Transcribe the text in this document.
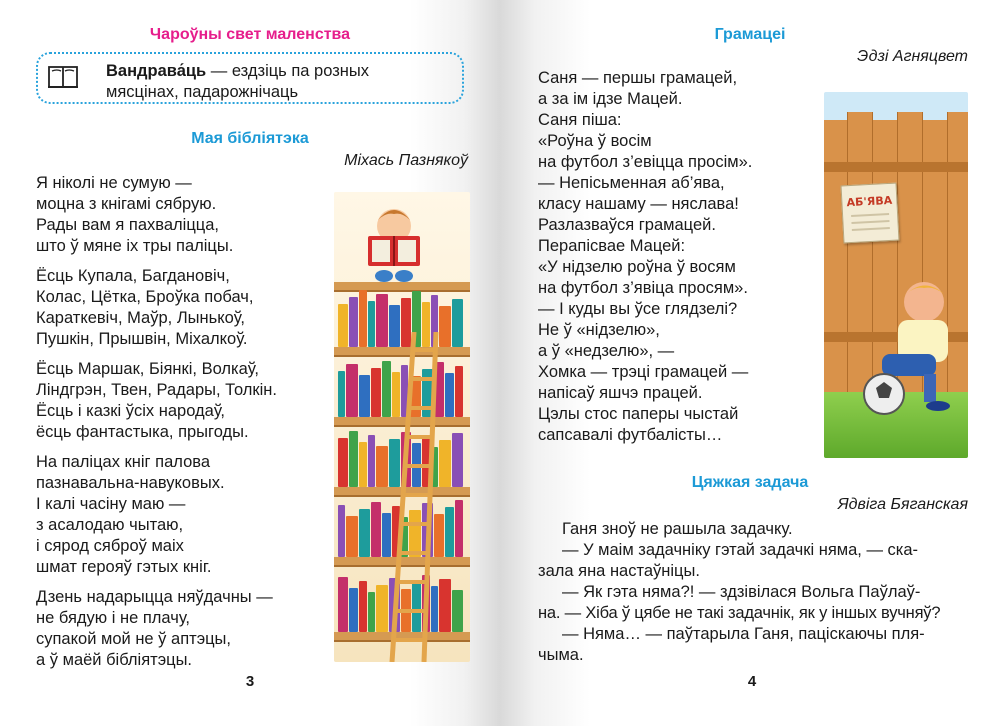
Чароўны свет маленства
Вандрава́ць — ездзіць па розных
мясцінах, падарожнічаць
Мая бібліятэка
Міхась Пазнякоў
Я ніколі не сумую —
моцна з кнігамі сябрую.
Рады вам я пахваліцца,
што ў мяне іх тры паліцы.
Ёсць Купала, Багдановіч,
Колас, Цётка, Броўка побач,
Караткевіч, Маўр, Лынькоў,
Пушкін, Прышвін, Міхалкоў.
Ёсць Маршак, Біянкі, Волкаў,
Ліндгрэн, Твен, Радары, Толкін.
Ёсць і казкі ўсіх народаў,
ёсць фантастыка, прыгоды.
На паліцах кніг палова
пазнавальна-навуковых.
І калі часіну маю —
з асалодаю чытаю,
і сярод сяброў маіх
шмат герояў гэтых кніг.
Дзень надарыцца няўдачны —
не бядую і не плачу,
супакой мой не ў аптэцы,
а ў маёй бібліятэцы.
3
Грамацеі
Эдзі Агняцвет
Саня — першы грамацей,
а за ім ідзе Мацей.
Саня піша:
«Роўна ў восім
на футбол з’евіцца просім».
— Непісьменная аб’ява,
класу нашаму — няслава!
Разлазваўся грамацей.
Перапісвае Мацей:
«У нідзелю роўна ў восям
на футбол з’явіца просям».
— І куды вы ўсе глядзелі?
Не ў «нідзелю»,
а ў «недзелю», —
Хомка — трэці грамацей —
напісаў яшчэ працей.
Цэлы стос паперы чыстай
сапсавалі футбалісты…
АБ'ЯВА
Цяжкая задача
Ядвіга Бяганская
Ганя зноў не рашыла задачку.
— У маім задачніку гэтай задачкі няма, — ска-
зала яна настаўніцы.
— Як гэта няма?! — здзівілася Вольга Паўлаў-
на. — Хіба ў цябе не такі задачнік, як у іншых вучняў?
— Няма… — паўтарыла Ганя, паціскаючы пля-
чыма.
4
